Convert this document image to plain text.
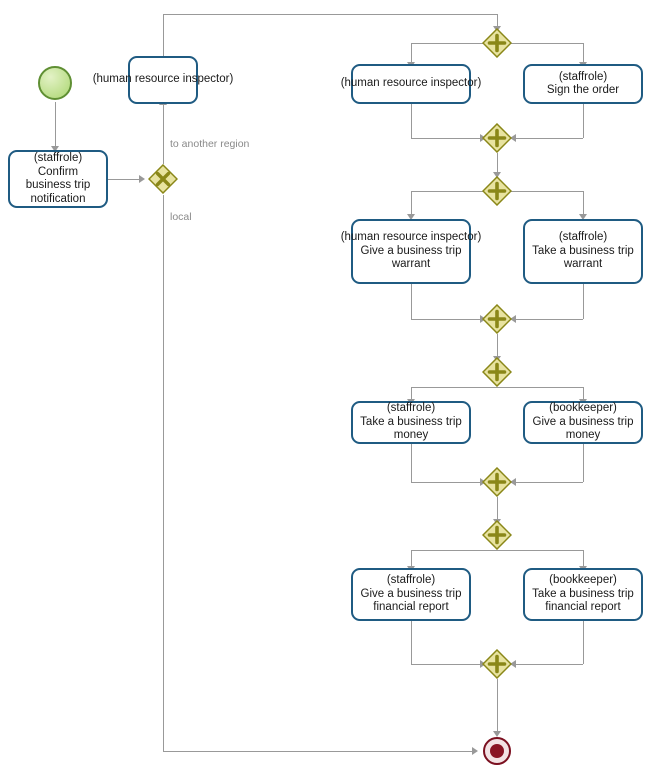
to another region
local
(staffrole)
Confirm business trip notification
(human resource inspector)	(human resource inspector)
(staffrole)
Sign the order
(human resource inspector)
Give a business trip warrant
(staffrole)
Take a business trip warrant
(staffrole)
Take a business trip money
(bookkeeper)
Give a business trip money
(staffrole)
Give a business trip financial report
(bookkeeper)
Take a business trip financial report
